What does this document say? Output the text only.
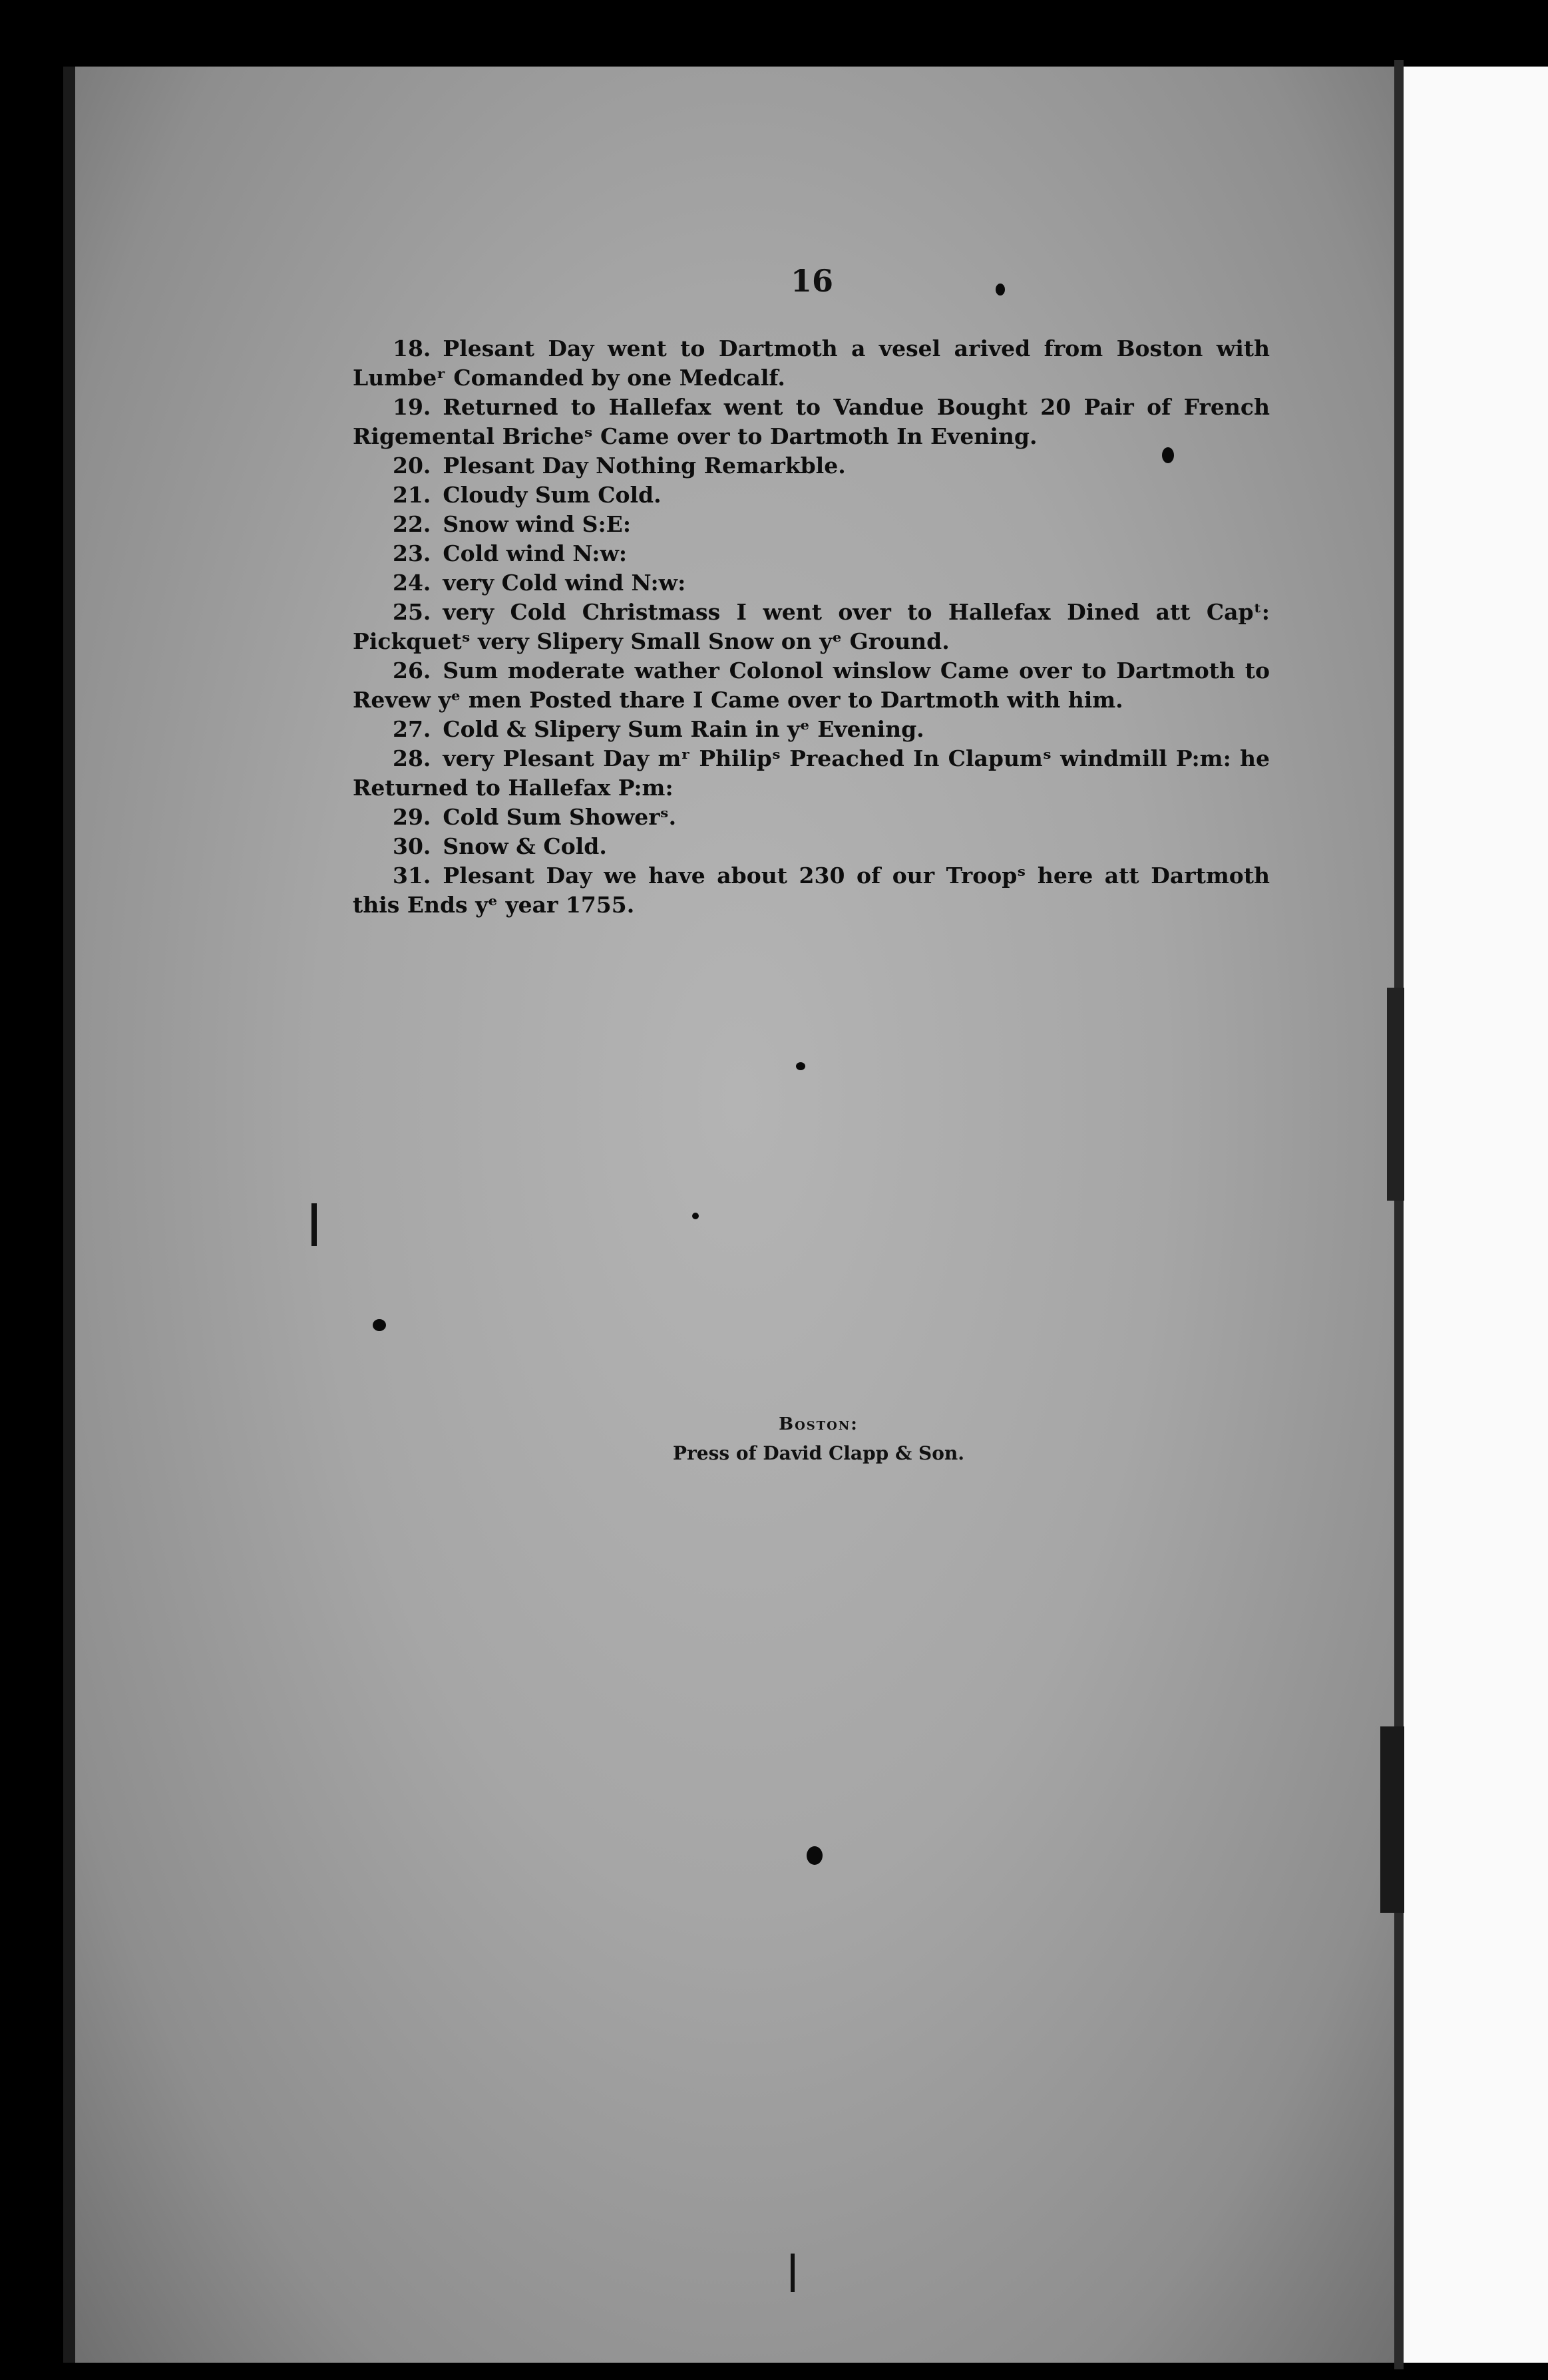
16
18. Plesant Day went to Dartmoth a vesel arived from Boston with Lumbeʳ Comanded by one Medcalf.
19. Returned to Hallefax went to Vandue Bought 20 Pair of French Rigemental Bricheˢ Came over to Dartmoth In Evening.
20. Plesant Day Nothing Remarkble.
21. Cloudy Sum Cold.
22. Snow wind S:E:
23. Cold wind N:w:
24. very Cold wind N:w:
25. very Cold Christmass I went over to Hallefax Dined att Capᵗ: Pickquetˢ very Slipery Small Snow on yᵉ Ground.
26. Sum moderate wather Colonol winslow Came over to Dartmoth to Revew yᵉ men Posted thare I Came over to Dartmoth with him.
27. Cold & Slipery Sum Rain in yᵉ Evening.
28. very Plesant Day mʳ Philipˢ Preached In Clapumˢ windmill P:m: he Returned to Hallefax P:m:
29. Cold Sum Showerˢ.
30. Snow & Cold.
31. Plesant Day we have about 230 of our Troopˢ here att Dartmoth this Ends yᵉ year 1755.
Boston:
Press of David Clapp & Son.
